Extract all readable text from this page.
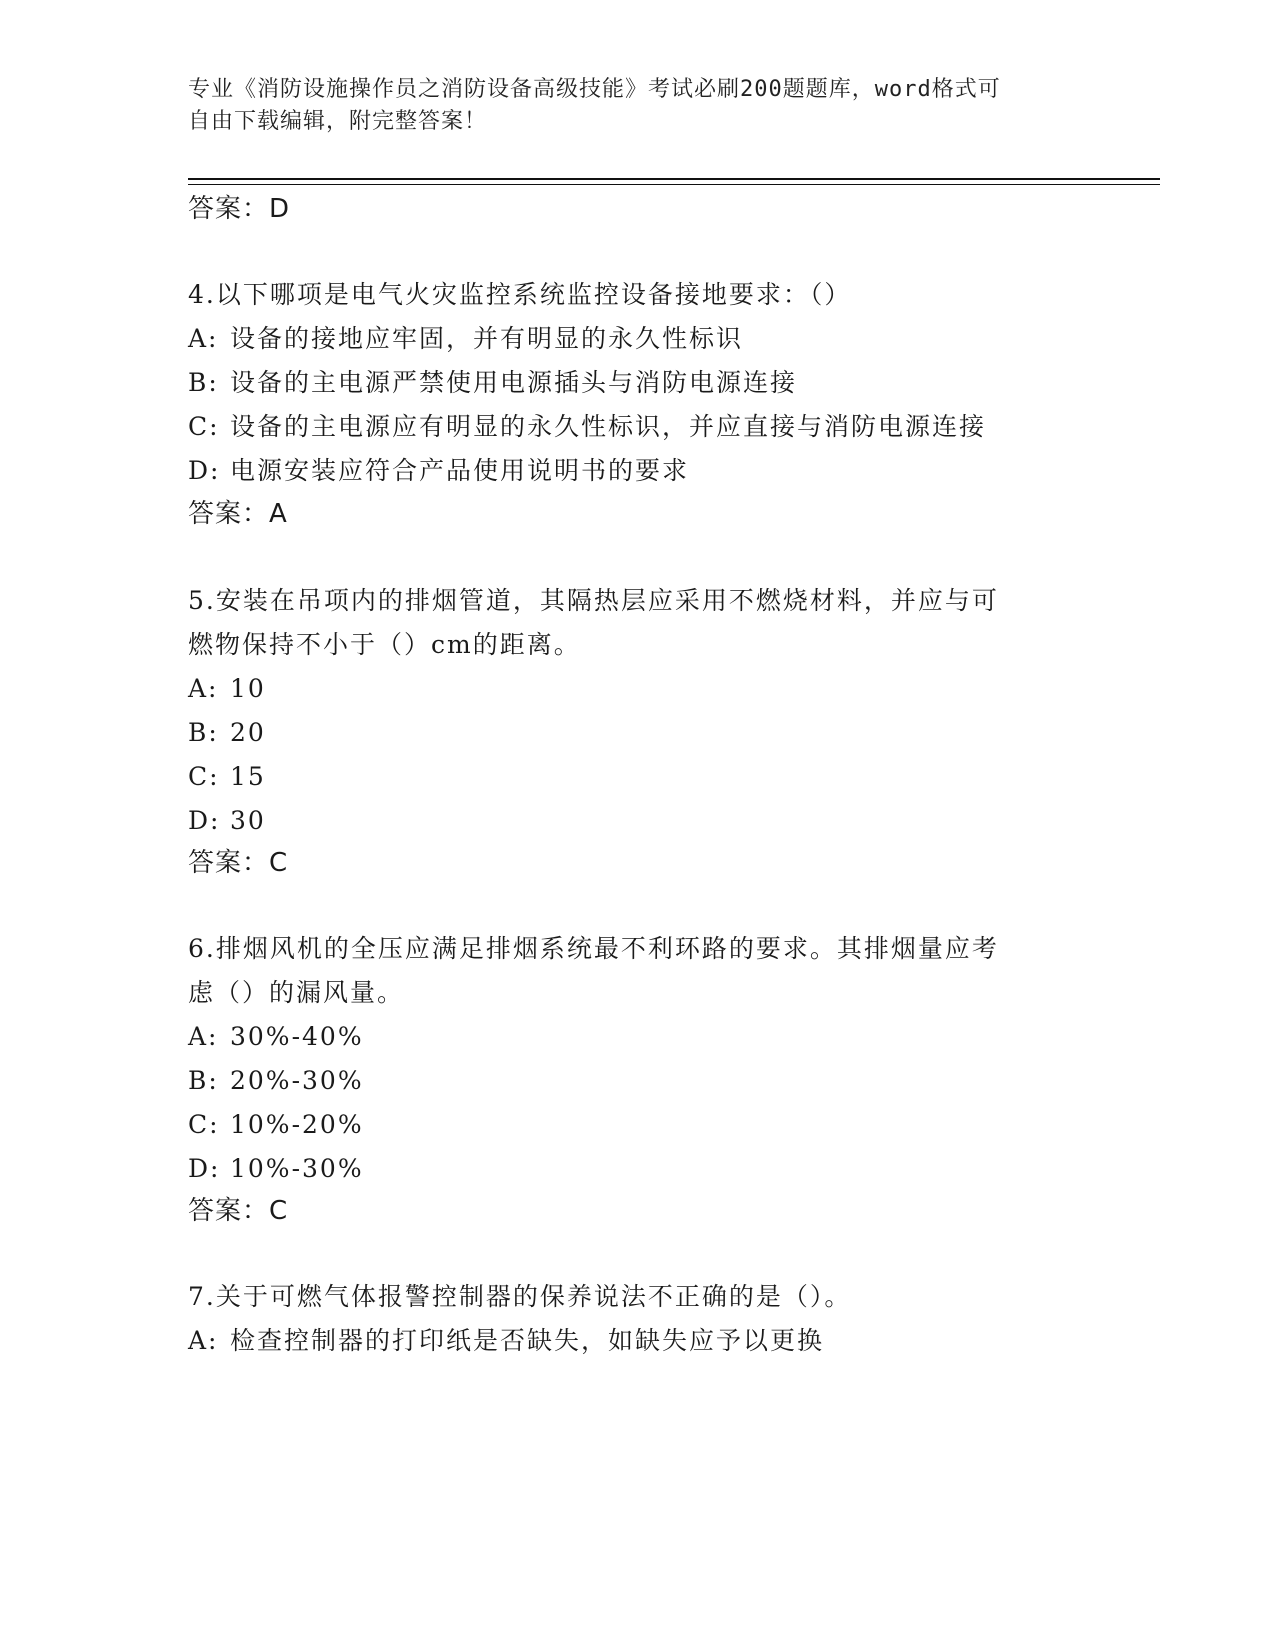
专业《消防设施操作员之消防设备高级技能》考试必刷200题题库，word格式可
自由下载编辑，附完整答案！
答案：D
4.以下哪项是电气火灾监控系统监控设备接地要求：（）
A: 设备的接地应牢固，并有明显的永久性标识
B: 设备的主电源严禁使用电源插头与消防电源连接
C: 设备的主电源应有明显的永久性标识，并应直接与消防电源连接
D: 电源安装应符合产品使用说明书的要求
答案：A
5.安装在吊项内的排烟管道，其隔热层应采用不燃烧材料，并应与可
燃物保持不小于（）cm的距离。
A: 10
B: 20
C: 15
D: 30
答案：C
6.排烟风机的全压应满足排烟系统最不利环路的要求。其排烟量应考
虑（）的漏风量。
A: 30%-40%
B: 20%-30%
C: 10%-20%
D: 10%-30%
答案：C
7.关于可燃气体报警控制器的保养说法不正确的是（）。
A: 检查控制器的打印纸是否缺失，如缺失应予以更换
